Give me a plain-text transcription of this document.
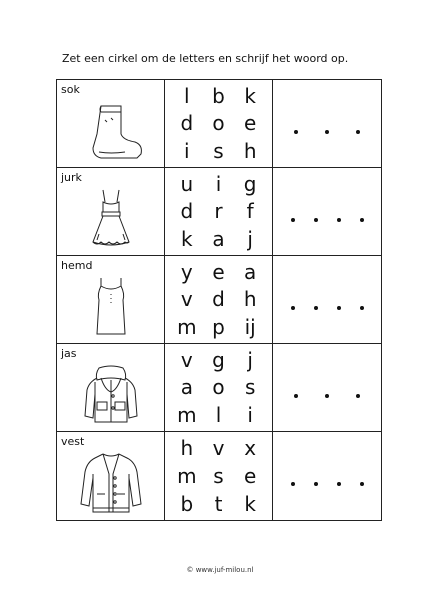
Zet een cirkel om de letters en schrijf het woord op.
sok	l b k
d o e
i s h
jurk	u i g
d r f
k a j
hemd	y e a
v d h
m p ij
jas	v g j
a o s
m l i
vest	h v x
m s e
b t k
© www.juf-milou.nl
